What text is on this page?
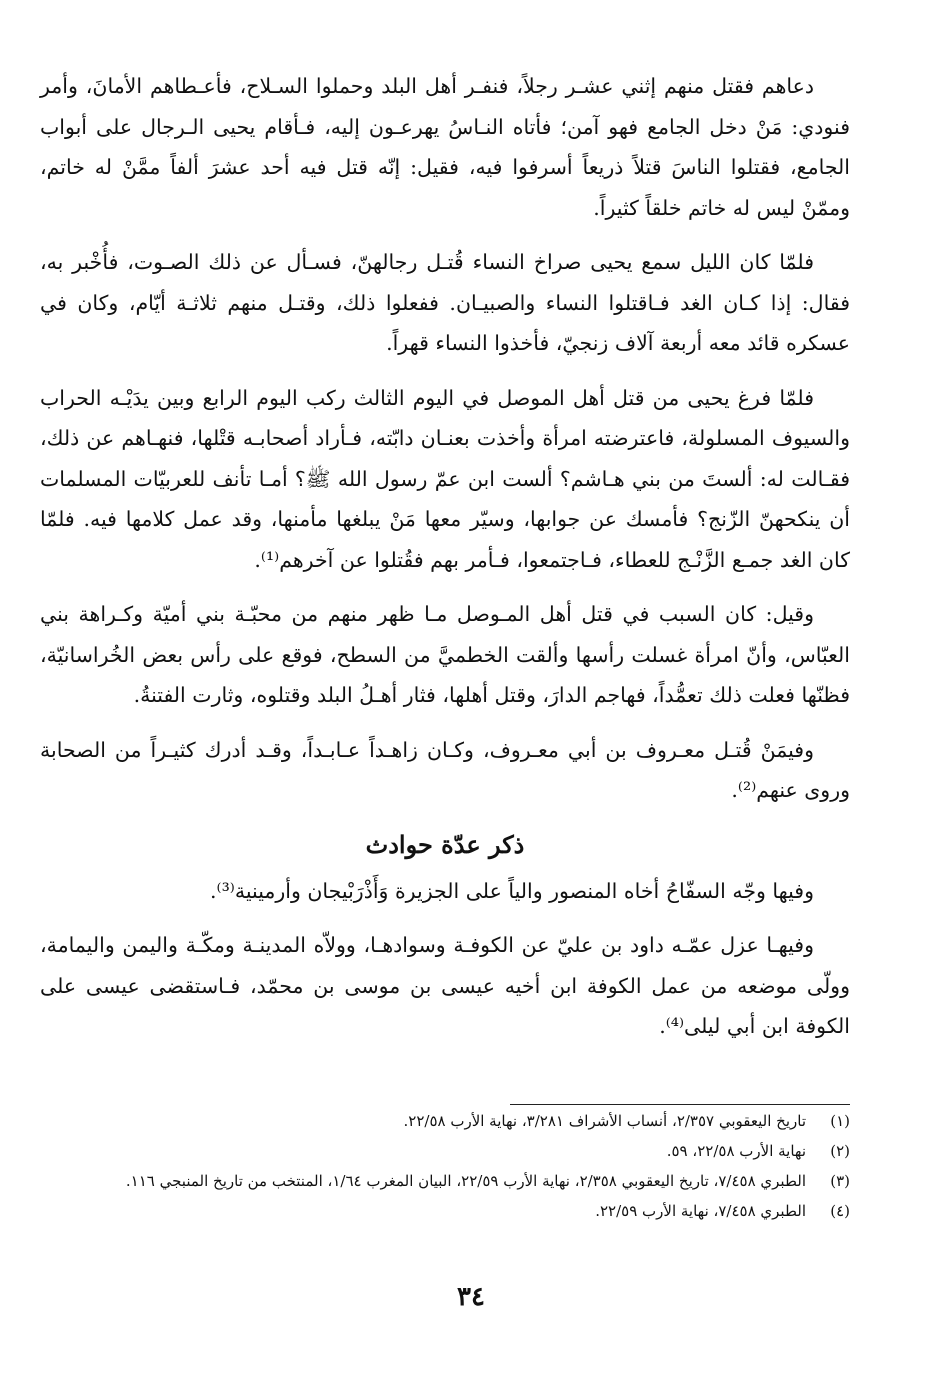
دعاهم فقتل منهم إثني عشـر رجلاً، فنفـر أهل البلد وحملوا السـلاح، فأعـطاهم الأمانَ، وأمر فنودي: مَنْ دخل الجامع فهو آمن؛ فأتاه النـاسُ يهرعـون إليه، فـأقام يحيى الـرجال على أبواب الجامع، فقتلوا الناسَ قتلاً ذريعاً أسرفوا فيه، فقيل: إنّه قتل فيه أحد عشرَ ألفاً ممَّنْ له خاتم، وممّنْ ليس له خاتم خلقاً كثيراً.

فلمّا كان الليل سمع يحيى صراخ النساء قُتـل رجالهنّ، فسـأل عن ذلك الصـوت، فأُخْبر به، فقال: إذا كـان الغد فـاقتلوا النساء والصبيـان. ففعلوا ذلك، وقتـل منهم ثلاثـة أيّام، وكان في عسكره قائد معه أربعة آلاف زنجيّ، فأخذوا النساء قهراً.

فلمّا فرغ يحيى من قتل أهل الموصل في اليوم الثالث ركب اليوم الرابع وبين يدَيْـه الحراب والسيوف المسلولة، فاعترضته امرأة وأخذت بعنـان دابّته، فـأراد أصحابـه قتْلها، فنهـاهم عن ذلك، فقـالت له: ألستَ من بني هـاشم؟ ألست ابن عمّ رسول الله ﷺ؟ أمـا تأنف للعربيّات المسلمات أن ينكحهنّ الزّنج؟ فأمسك عن جوابها، وسيّر معها مَنْ يبلغها مأمنها، وقد عمل كلامها فيه. فلمّا كان الغد جمـع الزَّنْـج للعطاء، فـاجتمعوا، فـأمر بهم فقُتلوا عن آخرهم⁽¹⁾.

وقيل: كان السبب في قتل أهل المـوصل مـا ظهر منهم من محبّـة بني أميّة وكـراهة بني العبّاس، وأنّ امرأة غسلت رأسها وألقت الخطميَّ من السطح، فوقع على رأس بعض الخُراسانيّة، فظنّها فعلت ذلك تعمُّداً، فهاجم الدارَ، وقتل أهلها، فثار أهـلُ البلد وقتلوه، وثارت الفتنةُ.

وفيمَنْ قُتـل معـروف بن أبي معـروف، وكـان زاهـداً عـابـداً، وقـد أدرك كثيـراً من الصحابة وروى عنهم⁽²⁾.

ذكر عدّة حوادث

وفيها وجّه السفّاحُ أخاه المنصور والياً على الجزيرة وَأَذْرَبْيجان وأرمينية⁽³⁾.

وفيهـا عزل عمّـه داود بن عليّ عن الكوفـة وسوادهـا، وولاّه المدينـة ومكّـة واليمن واليمامة، وولّى موضعه من عمل الكوفة ابن أخيه عيسى بن موسى بن محمّد، فـاستقضى عيسى على الكوفة ابن أبي ليلى⁽⁴⁾.

(١)
تاريخ اليعقوبي ٢/٣٥٧، أنساب الأشراف ٣/٢٨١، نهاية الأرب ٢٢/٥٨.
(٢)
نهاية الأرب ٢٢/٥٨، ٥٩.
(٣)
الطبري ٧/٤٥٨، تاريخ اليعقوبي ٢/٣٥٨، نهاية الأرب ٢٢/٥٩، البيان المغرب ١/٦٤، المنتخب من تاريخ المنبجي ١١٦.
(٤)
الطبري ٧/٤٥٨، نهاية الأرب ٢٢/٥٩.
٣٤
